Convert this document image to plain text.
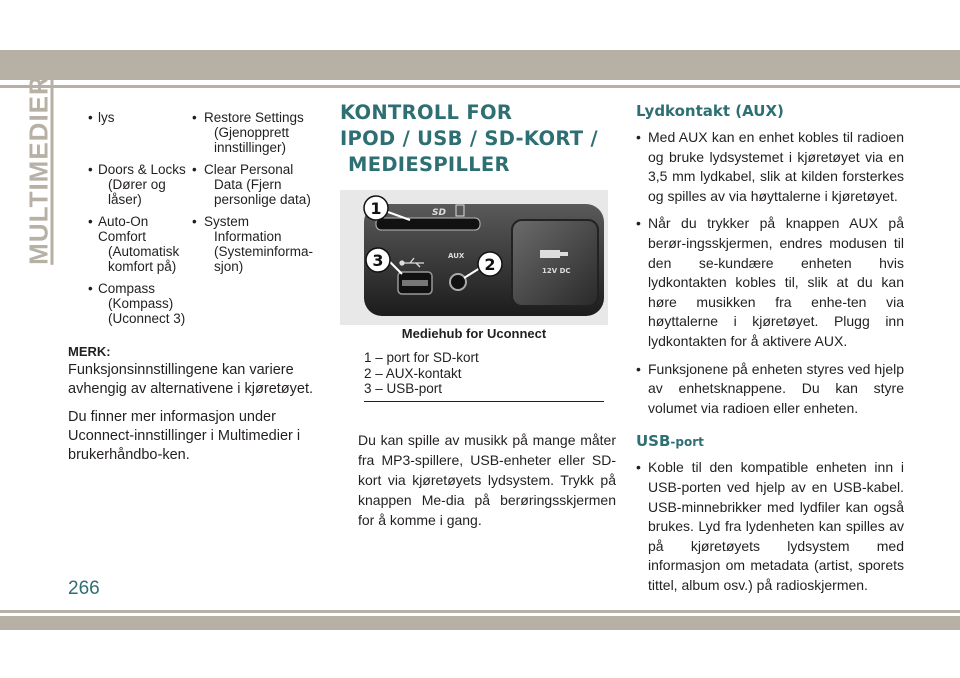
MULTIMEDIER
266
• lys	• Restore Settings
(Gjenopprett
innstillinger)
• Doors & Locks
(Dører og låser)
• Clear Personal
Data (Fjern
personlige data)
• Auto-On Comfort
(Automatisk
komfort på)
• System
Information
(Systeminforma-
sjon)
• Compass
(Kompass)
(Uconnect 3)
MERK:
Funksjonsinnstillingene kan variere avhengig av alternativene i kjøretøyet.
Du finner mer informasjon under Uconnect-innstillinger i Multimedier i brukerhåndbo-ken.
KONTROLL FOR
IPOD / USB / SD-KORT /
MEDIESPILLER
SD
AUX
12V DC
1
2
3
Mediehub for Uconnect
1 – port for SD-kort
2 – AUX-kontakt
3 – USB-port
Du kan spille av musikk på mange måter fra MP3-spillere, USB-enheter eller SD-kort via kjøretøyets lydsystem. Trykk på knappen Me-dia på berøringsskjermen for å komme i gang.
Lydkontakt (AUX)
• Med AUX kan en enhet kobles til radioen og bruke lydsystemet i kjøretøyet via en 3,5 mm lydkabel, slik at kilden forsterkes og spilles av via høyttalerne i kjøretøyet.
• Når du trykker på knappen AUX på berør-ingsskjermen, endres modusen til den se-kundære enheten hvis lydkontakten kobles til, slik at du kan høre musikken fra enhe-ten via høyttalerne i kjøretøyet. Plugg inn lydkontakten for å aktivere AUX.
• Funksjonene på enheten styres ved hjelp av enhetsknappene. Du kan styre volumet via radioen eller enheten.
USB-port
• Koble til den kompatible enheten inn i USB-porten ved hjelp av en USB-kabel. USB-minnebrikker med lydfiler kan også brukes. Lyd fra lydenheten kan spilles av på kjøretøyets lydsystem med informasjon om metadata (artist, sporets tittel, album osv.) på radioskjermen.
